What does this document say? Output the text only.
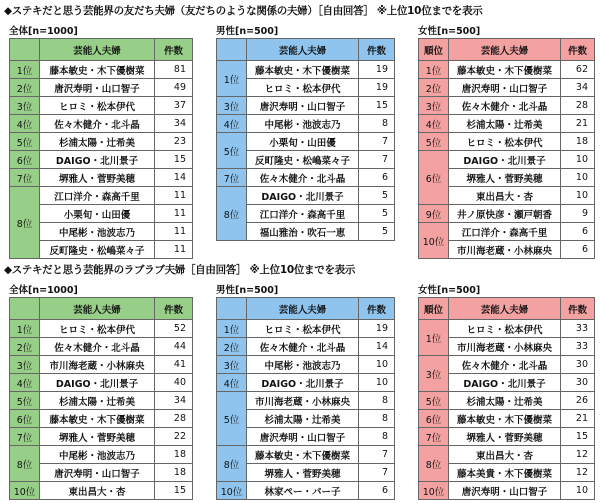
◆ステキだと思う芸能界の友だち夫婦（友だちのような関係の夫婦）［自由回答］ ※上位10位までを表示
全体[n=1000]
	芸能人夫婦	件数
1位	藤本敏史・木下優樹菜	81
2位	唐沢寿明・山口智子	49
3位	ヒロミ・松本伊代	37
4位	佐々木健介・北斗晶	34
5位	杉浦太陽・辻希美	23
6位	DAIGO・北川景子	15
7位	堺雅人・菅野美穂	14
8位	江口洋介・森高千里	11
	小栗旬・山田優	11
	中尾彬・池波志乃	11
	反町隆史・松嶋菜々子	11
男性[n=500]
	芸能人夫婦	件数
1位	藤本敏史・木下優樹菜	19
	ヒロミ・松本伊代	19
3位	唐沢寿明・山口智子	15
4位	中尾彬・池波志乃	8
5位	小栗旬・山田優	7
	反町隆史・松嶋菜々子	7
7位	佐々木健介・北斗晶	6
8位	DAIGO・北川景子	5
	江口洋介・森高千里	5
	福山雅治・吹石一恵	5
女性[n=500]
順位	芸能人夫婦	件数
1位	藤本敏史・木下優樹菜	62
2位	唐沢寿明・山口智子	34
3位	佐々木健介・北斗晶	28
4位	杉浦太陽・辻希美	21
5位	ヒロミ・松本伊代	18
6位	DAIGO・北川景子	10
	堺雅人・菅野美穂	10
	東出昌大・杏	10
9位	井ノ原快彦・瀬戸朝香	9
10位	江口洋介・森高千里	6
	市川海老蔵・小林麻央	6
◆ステキだと思う芸能界のラブラブ夫婦［自由回答］ ※上位10位までを表示
全体[n=1000]
	芸能人夫婦	件数
1位	ヒロミ・松本伊代	52
2位	佐々木健介・北斗晶	44
3位	市川海老蔵・小林麻央	41
4位	DAIGO・北川景子	40
5位	杉浦太陽・辻希美	34
6位	藤本敏史・木下優樹菜	28
7位	堺雅人・菅野美穂	22
8位	中尾彬・池波志乃	18
	唐沢寿明・山口智子	18
10位	東出昌大・杏	15
男性[n=500]
	芸能人夫婦	件数
1位	ヒロミ・松本伊代	19
2位	佐々木健介・北斗晶	14
3位	中尾彬・池波志乃	10
4位	DAIGO・北川景子	10
5位	市川海老蔵・小林麻央	8
	杉浦太陽・辻希美	8
	唐沢寿明・山口智子	8
8位	藤本敏史・木下優樹菜	7
	堺雅人・菅野美穂	7
10位	林家ペー・パー子	6
女性[n=500]
順位	芸能人夫婦	件数
1位	ヒロミ・松本伊代	33
	市川海老蔵・小林麻央	33
3位	佐々木健介・北斗晶	30
	DAIGO・北川景子	30
5位	杉浦太陽・辻希美	26
6位	藤本敏史・木下優樹菜	21
7位	堺雅人・菅野美穂	15
8位	東出昌大・杏	12
	藤本美貴・木下優樹菜	12
10位	唐沢寿明・山口智子	10
